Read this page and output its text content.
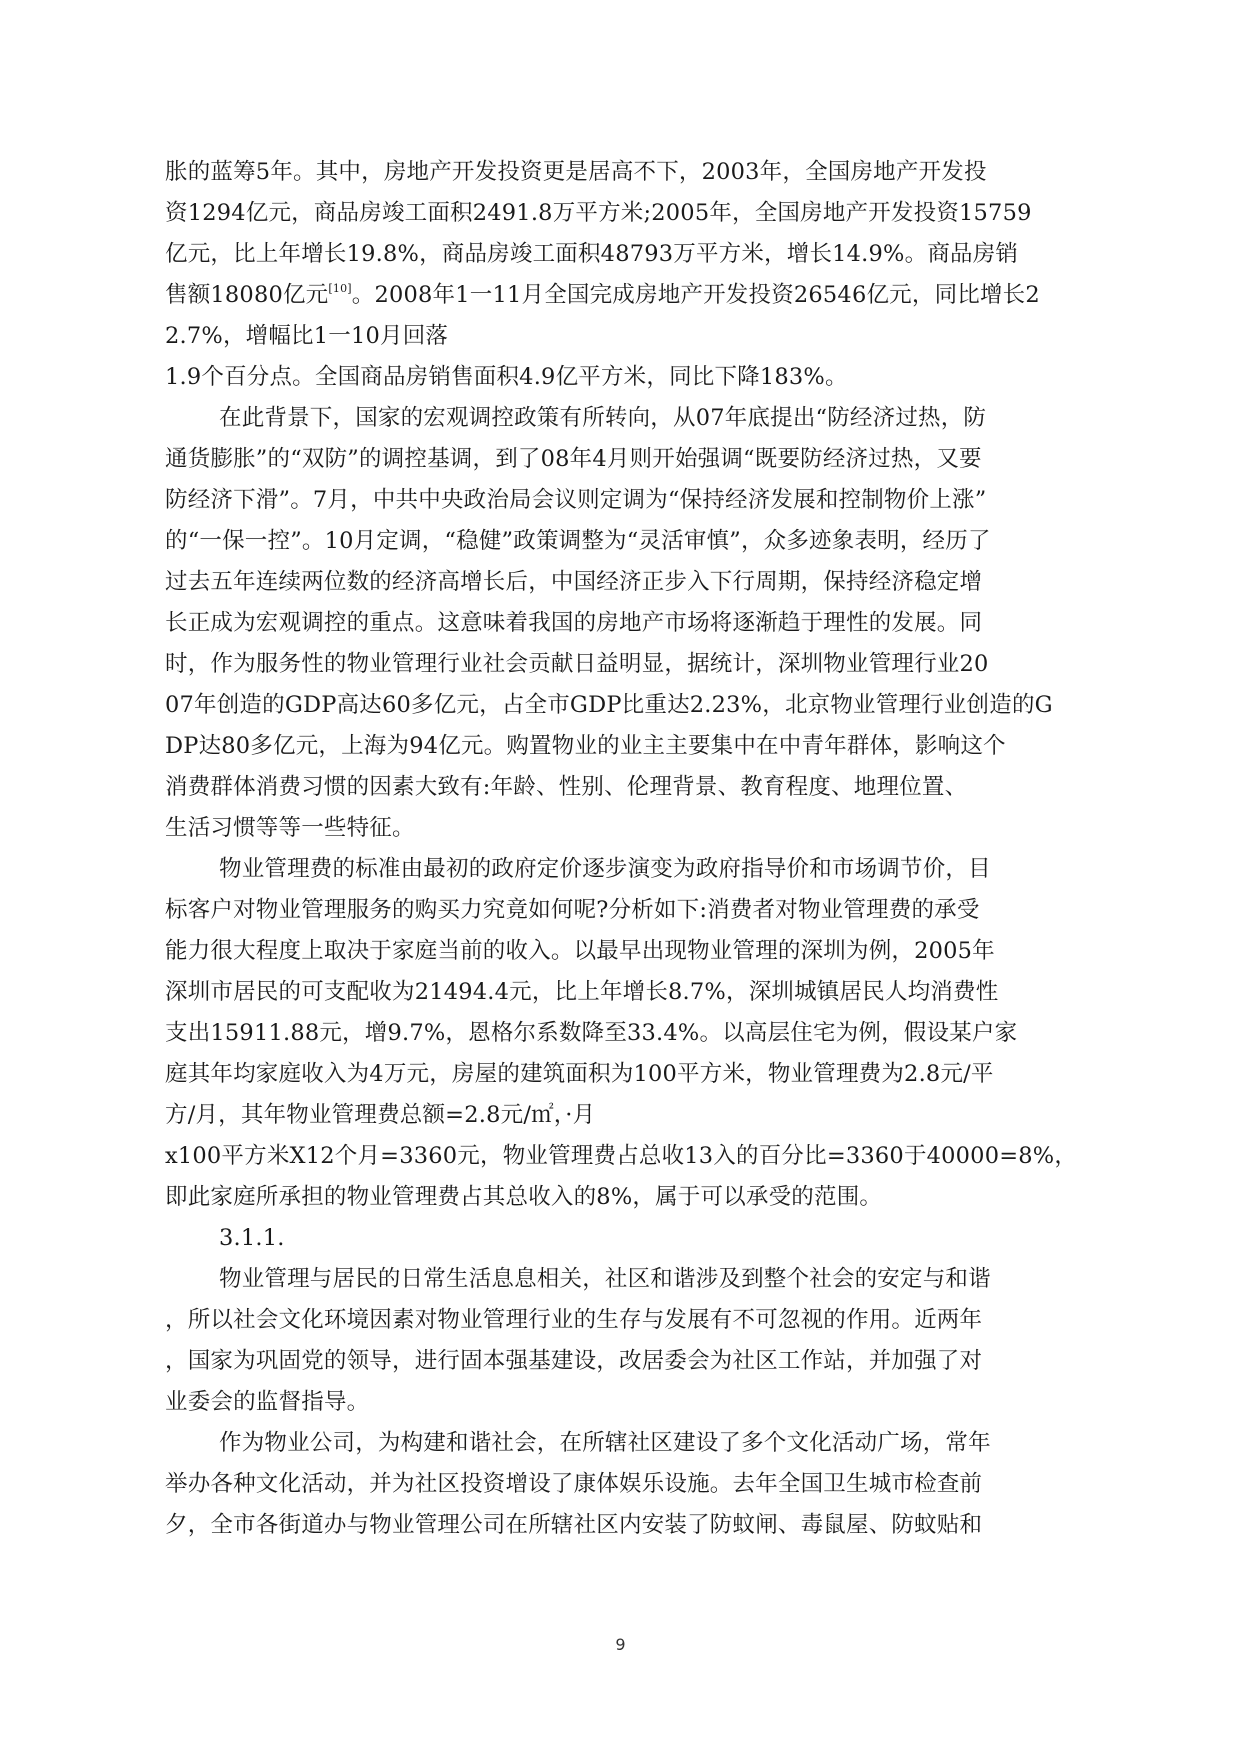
胀的蓝筹5年。其中，房地产开发投资更是居高不下，2003年，全国房地产开发投
资1294亿元，商品房竣工面积2491.8万平方米;2005年，全国房地产开发投资15759
亿元，比上年增长19.8%，商品房竣工面积48793万平方米，增长14.9%。商品房销
售额18080亿元[10]。2008年1一11月全国完成房地产开发投资26546亿元，同比增长2
2.7%，增幅比1一10月回落
1.9个百分点。全国商品房销售面积4.9亿平方米，同比下降183%。
在此背景下，国家的宏观调控政策有所转向，从07年底提出“防经济过热，防
通货膨胀”的“双防”的调控基调，到了08年4月则开始强调“既要防经济过热，又要
防经济下滑”。7月，中共中央政治局会议则定调为“保持经济发展和控制物价上涨”
的“一保一控”。10月定调，“稳健”政策调整为“灵活审慎”，众多迹象表明，经历了
过去五年连续两位数的经济高增长后，中国经济正步入下行周期，保持经济稳定增
长正成为宏观调控的重点。这意味着我国的房地产市场将逐渐趋于理性的发展。同
时，作为服务性的物业管理行业社会贡献日益明显，据统计，深圳物业管理行业20
07年创造的GDP高达60多亿元，占全市GDP比重达2.23%，北京物业管理行业创造的G
DP达80多亿元，上海为94亿元。购置物业的业主主要集中在中青年群体，影响这个
消费群体消费习惯的因素大致有:年龄、性别、伦理背景、教育程度、地理位置、
生活习惯等等一些特征。
物业管理费的标准由最初的政府定价逐步演变为政府指导价和市场调节价，目
标客户对物业管理服务的购买力究竟如何呢?分析如下:消费者对物业管理费的承受
能力很大程度上取决于家庭当前的收入。以最早出现物业管理的深圳为例，2005年
深圳市居民的可支配收为21494.4元，比上年增长8.7%，深圳城镇居民人均消费性
支出15911.88元，增9.7%，恩格尔系数降至33.4%。以高层住宅为例，假设某户家
庭其年均家庭收入为4万元，房屋的建筑面积为100平方米，物业管理费为2.8元/平
方/月，其年物业管理费总额=2.8元/㎡，·月
x100平方米X12个月=3360元，物业管理费占总收13入的百分比=3360于40000=8%，
即此家庭所承担的物业管理费占其总收入的8%，属于可以承受的范围。
3.1.1.
物业管理与居民的日常生活息息相关，社区和谐涉及到整个社会的安定与和谐
，所以社会文化环境因素对物业管理行业的生存与发展有不可忽视的作用。近两年
，国家为巩固党的领导，进行固本强基建设，改居委会为社区工作站，并加强了对
业委会的监督指导。
作为物业公司，为构建和谐社会，在所辖社区建设了多个文化活动广场，常年
举办各种文化活动，并为社区投资增设了康体娱乐设施。去年全国卫生城市检查前
夕，全市各街道办与物业管理公司在所辖社区内安装了防蚊闸、毒鼠屋、防蚊贴和
9
